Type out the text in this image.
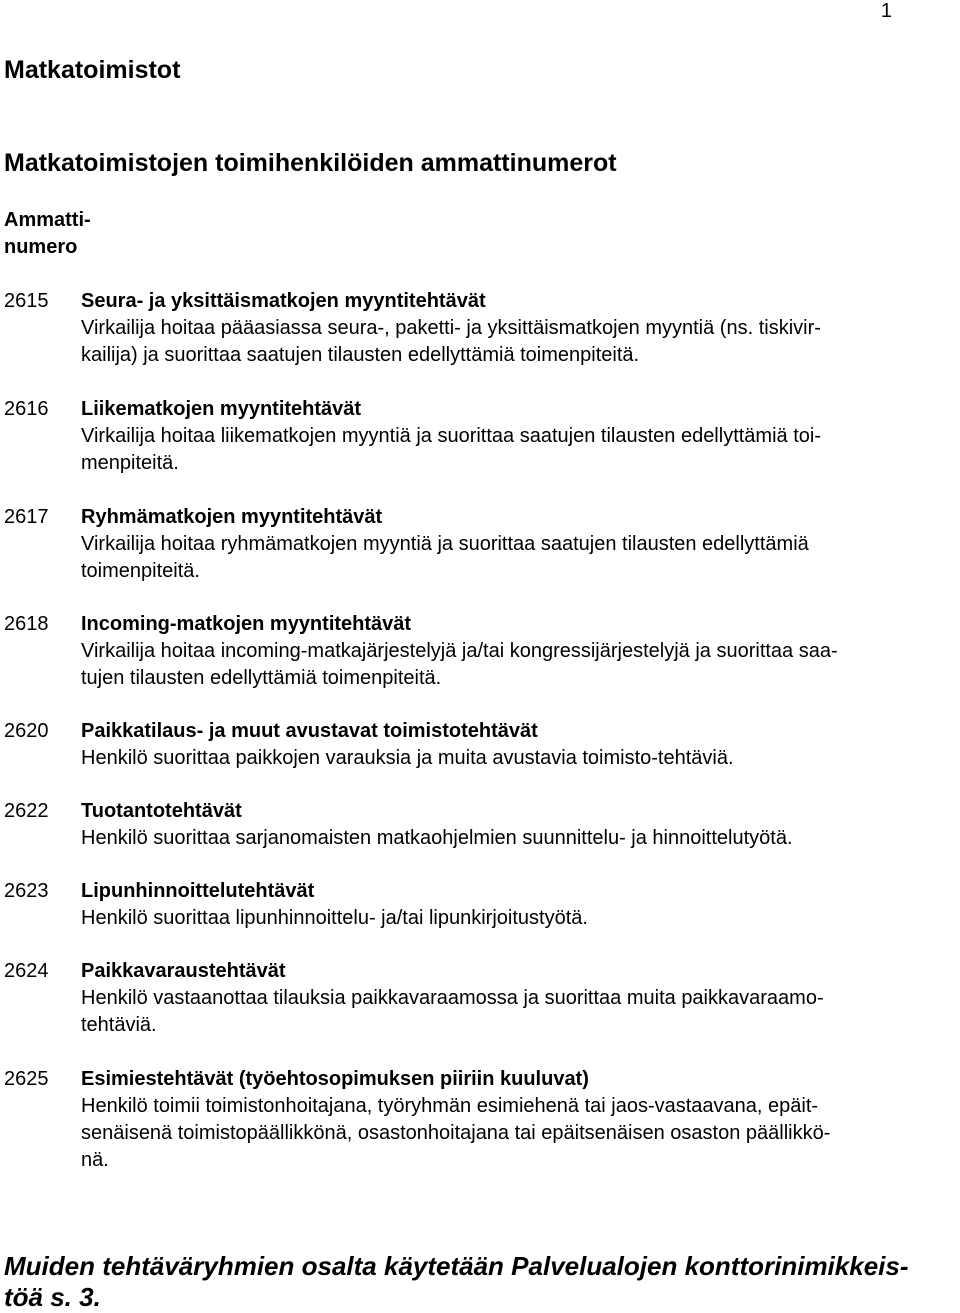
1
Matkatoimistot
Matkatoimistojen toimihenkilöiden ammattinumerot
Ammatti-
numero
2615	Seura- ja yksittäismatkojen myyntitehtävät
Virkailija hoitaa pääasiassa seura-, paketti- ja yksittäismatkojen myyntiä (ns. tiskivir-
kailija) ja suorittaa saatujen tilausten edellyttämiä toimenpiteitä.
2616	Liikematkojen myyntitehtävät
Virkailija hoitaa liikematkojen myyntiä ja suorittaa saatujen tilausten edellyttämiä toi-
menpiteitä.
2617	Ryhmämatkojen myyntitehtävät
Virkailija hoitaa ryhmämatkojen myyntiä ja suorittaa saatujen tilausten edellyttämiä
toimenpiteitä.
2618	Incoming-matkojen myyntitehtävät
Virkailija hoitaa incoming-matkajärjestelyjä ja/tai kongressijärjestelyjä ja suorittaa saa-
tujen tilausten edellyttämiä toimenpiteitä.
2620	Paikkatilaus- ja muut avustavat toimistotehtävät
Henkilö suorittaa paikkojen varauksia ja muita avustavia toimisto-tehtäviä.
2622	Tuotantotehtävät
Henkilö suorittaa sarjanomaisten matkaohjelmien suunnittelu- ja hinnoittelutyötä.
2623	Lipunhinnoittelutehtävät
Henkilö suorittaa lipunhinnoittelu- ja/tai lipunkirjoitustyötä.
2624	Paikkavaraustehtävät
Henkilö vastaanottaa tilauksia paikkavaraamossa ja suorittaa muita paikkavaraamo-
tehtäviä.
2625	Esimiestehtävät (työehtosopimuksen piiriin kuuluvat)
Henkilö toimii toimistonhoitajana, työryhmän esimiehenä tai jaos-vastaavana, epäit-
senäisenä toimistopäällikkönä, osastonhoitajana tai epäitsenäisen osaston päällikkö-
nä.
Muiden tehtäväryhmien osalta käytetään Palvelualojen konttorinimikkeis-
töä s. 3.
